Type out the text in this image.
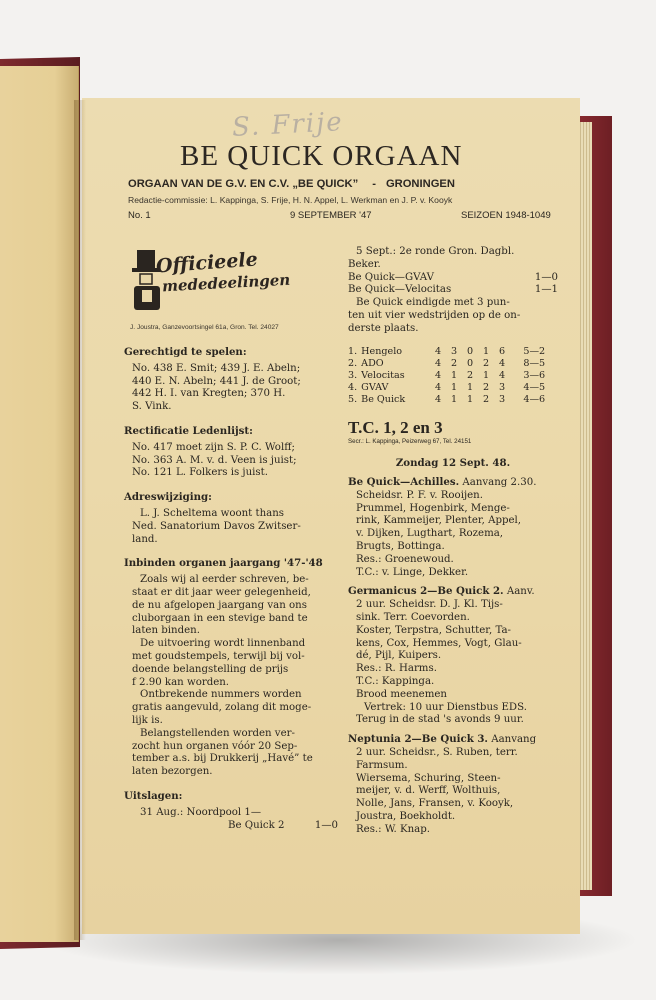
S. Frije
BE QUICK ORGAAN
ORGAAN VAN DE G.V. EN C.V. „BE QUICK” - GRONINGEN
Redactie-commissie: L. Kappinga, S. Frije, H. N. Appel, L. Werkman en J. P. v. Kooyk
No. 1	9 SEPTEMBER '47	SEIZOEN 1948-1049
Officieele
mededeelingen
J. Joustra, Ganzevoortsingel 61a, Gron. Tel. 24027
Gerechtigd te spelen:
No. 438 E. Smit; 439 J. E. Abeln;
440 E. N. Abeln; 441 J. de Groot;
442 H. I. van Kregten; 370 H.
S. Vink.
Rectificatie Ledenlijst:
No. 417 moet zijn S. P. C. Wolff;
No. 363 A. M. v. d. Veen is juist;
No. 121 L. Folkers is juist.
Adreswijziging:
L. J. Scheltema woont thans
Ned. Sanatorium Davos Zwitser-
land.
Inbinden organen jaargang '47-'48
Zoals wij al eerder schreven, be-
staat er dit jaar weer gelegenheid,
de nu afgelopen jaargang van ons
cluborgaan in een stevige band te
laten binden.
De uitvoering wordt linnenband
met goudstempels, terwijl bij vol-
doende belangstelling de prijs
f 2.90 kan worden.
Ontbrekende nummers worden
gratis aangevuld, zolang dit moge-
lijk is.
Belangstellenden worden ver-
zocht hun organen vóór 20 Sep-
tember a.s. bij Drukkerij „Havé” te
laten bezorgen.
Uitslagen:
31 Aug.: Noordpool 1—
Be Quick 2	1—0
5 Sept.: 2e ronde Gron. Dagbl.
Beker.
Be Quick—GVAV	1—0
Be Quick—Velocitas	1—1
Be Quick eindigde met 3 pun-
ten uit vier wedstrijden op de on-
derste plaats.
1.	Hengelo	4	3	0	1	6	5—2
2.	ADO	4	2	0	2	4	8—5
3.	Velocitas	4	1	2	1	4	3—6
4.	GVAV	4	1	1	2	3	4—5
5.	Be Quick	4	1	1	2	3	4—6
T.C. 1, 2 en 3
Secr.: L. Kappinga, Peizerweg 67, Tel. 24151
Zondag 12 Sept. 48.
Be Quick—Achilles. Aanvang 2.30.
Scheidsr. P. F. v. Rooijen.
Prummel, Hogenbirk, Menge-
rink, Kammeijer, Plenter, Appel,
v. Dijken, Lugthart, Rozema,
Brugts, Bottinga.
Res.: Groenewoud.
T.C.: v. Linge, Dekker.
Germanicus 2—Be Quick 2. Aanv.
2 uur. Scheidsr. D. J. Kl. Tijs-
sink. Terr. Coevorden.
Koster, Terpstra, Schutter, Ta-
kens, Cox, Hemmes, Vogt, Glau-
dé, Pijl, Kuipers.
Res.: R. Harms.
T.C.: Kappinga.
Brood meenemen
Vertrek: 10 uur Dienstbus EDS.
Terug in de stad 's avonds 9 uur.
Neptunia 2—Be Quick 3. Aanvang
2 uur. Scheidsr., S. Ruben, terr.
Farmsum.
Wiersema, Schuring, Steen-
meijer, v. d. Werff, Wolthuis,
Nolle, Jans, Fransen, v. Kooyk,
Joustra, Boekholdt.
Res.: W. Knap.
